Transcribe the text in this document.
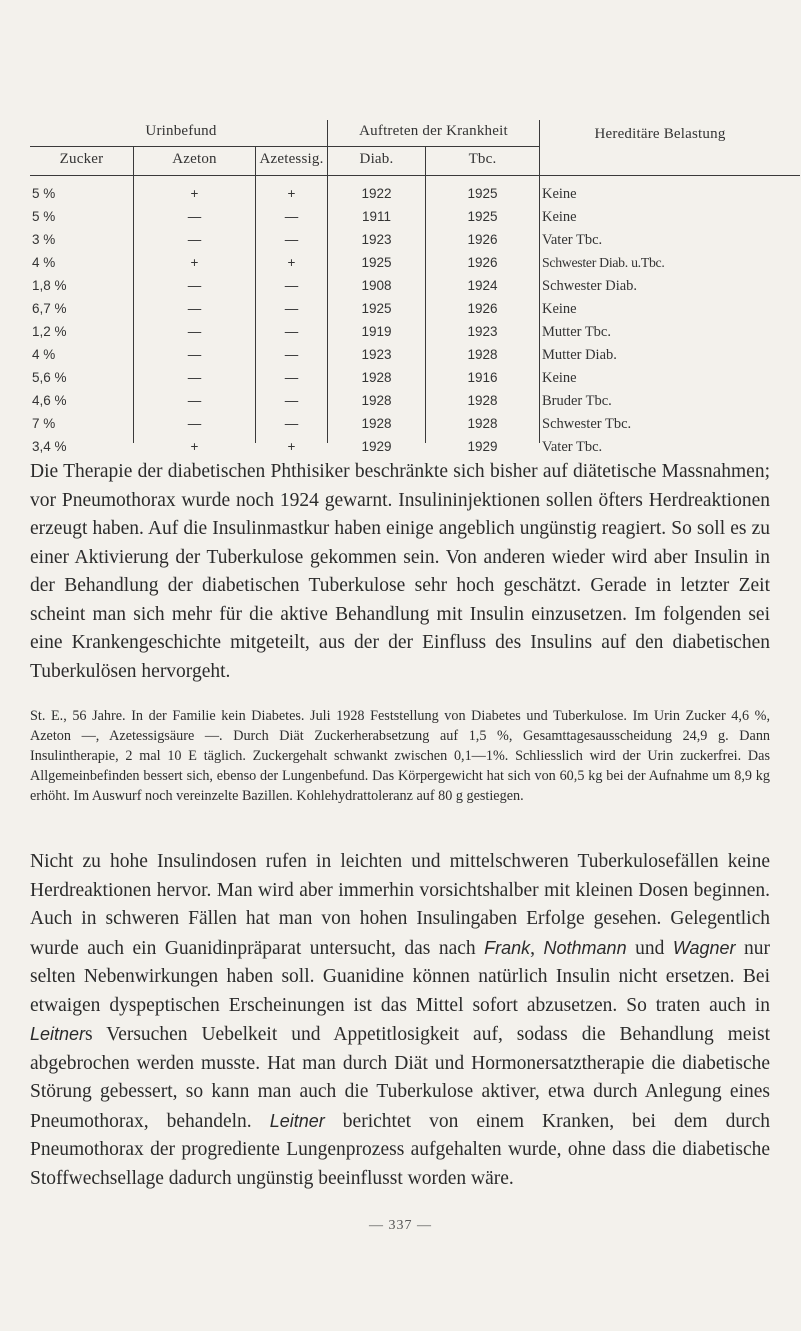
Urinbefund	Auftreten der Krankheit	Hereditäre Belastung
Zucker	Azeton	Azetessig.	Diab.	Tbc.
5 %	+	+	1922	1925	Keine
5 %	—	—	1911	1925	Keine
3 %	—	—	1923	1926	Vater Tbc.
4 %	+	+	1925	1926	Schwester Diab. u.Tbc.
1,8 %	—	—	1908	1924	Schwester Diab.
6,7 %	—	—	1925	1926	Keine
1,2 %	—	—	1919	1923	Mutter Tbc.
4 %	—	—	1923	1928	Mutter Diab.
5,6 %	—	—	1928	1916	Keine
4,6 %	—	—	1928	1928	Bruder Tbc.
7 %	—	—	1928	1928	Schwester Tbc.
3,4 %	+	+	1929	1929	Vater Tbc.

Die Therapie der diabetischen Phthisiker beschränkte sich bisher auf diätetische Massnahmen; vor Pneumothorax wurde noch 1924 gewarnt. Insulininjektionen sollen öfters Herdreaktionen erzeugt haben. Auf die Insulinmastkur haben einige angeblich ungünstig reagiert. So soll es zu einer Aktivierung der Tuberkulose gekommen sein. Von anderen wieder wird aber Insulin in der Behandlung der diabetischen Tuberkulose sehr hoch geschätzt. Gerade in letzter Zeit scheint man sich mehr für die aktive Behandlung mit Insulin einzusetzen. Im folgenden sei eine Krankengeschichte mitgeteilt, aus der der Einfluss des Insulins auf den diabetischen Tuberkulösen hervorgeht.

St. E., 56 Jahre. In der Familie kein Diabetes. Juli 1928 Feststellung von Diabetes und Tuberkulose. Im Urin Zucker 4,6 %, Azeton —, Azetessigsäure —. Durch Diät Zuckerherabsetzung auf 1,5 %, Gesamttagesausscheidung 24,9 g. Dann Insulintherapie, 2 mal 10 E täglich. Zuckergehalt schwankt zwischen 0,1—1%. Schliesslich wird der Urin zuckerfrei. Das Allgemeinbefinden bessert sich, ebenso der Lungenbefund. Das Körpergewicht hat sich von 60,5 kg bei der Aufnahme um 8,9 kg erhöht. Im Auswurf noch vereinzelte Bazillen. Kohlehydrattoleranz auf 80 g gestiegen.

Nicht zu hohe Insulindosen rufen in leichten und mittelschweren Tuberkulosefällen keine Herdreaktionen hervor. Man wird aber immerhin vorsichtshalber mit kleinen Dosen beginnen. Auch in schweren Fällen hat man von hohen Insulingaben Erfolge gesehen. Gelegentlich wurde auch ein Guanidinpräparat untersucht, das nach Frank, Nothmann und Wagner nur selten Nebenwirkungen haben soll. Guanidine können natürlich Insulin nicht ersetzen. Bei etwaigen dyspeptischen Erscheinungen ist das Mittel sofort abzusetzen. So traten auch in Leitners Versuchen Uebelkeit und Appetitlosigkeit auf, sodass die Behandlung meist abgebrochen werden musste. Hat man durch Diät und Hormonersatztherapie die diabetische Störung gebessert, so kann man auch die Tuberkulose aktiver, etwa durch Anlegung eines Pneumothorax, behandeln. Leitner berichtet von einem Kranken, bei dem durch Pneumothorax der progrediente Lungenprozess aufgehalten wurde, ohne dass die diabetische Stoffwechsellage dadurch ungünstig beeinflusst worden wäre.

— 337 —
